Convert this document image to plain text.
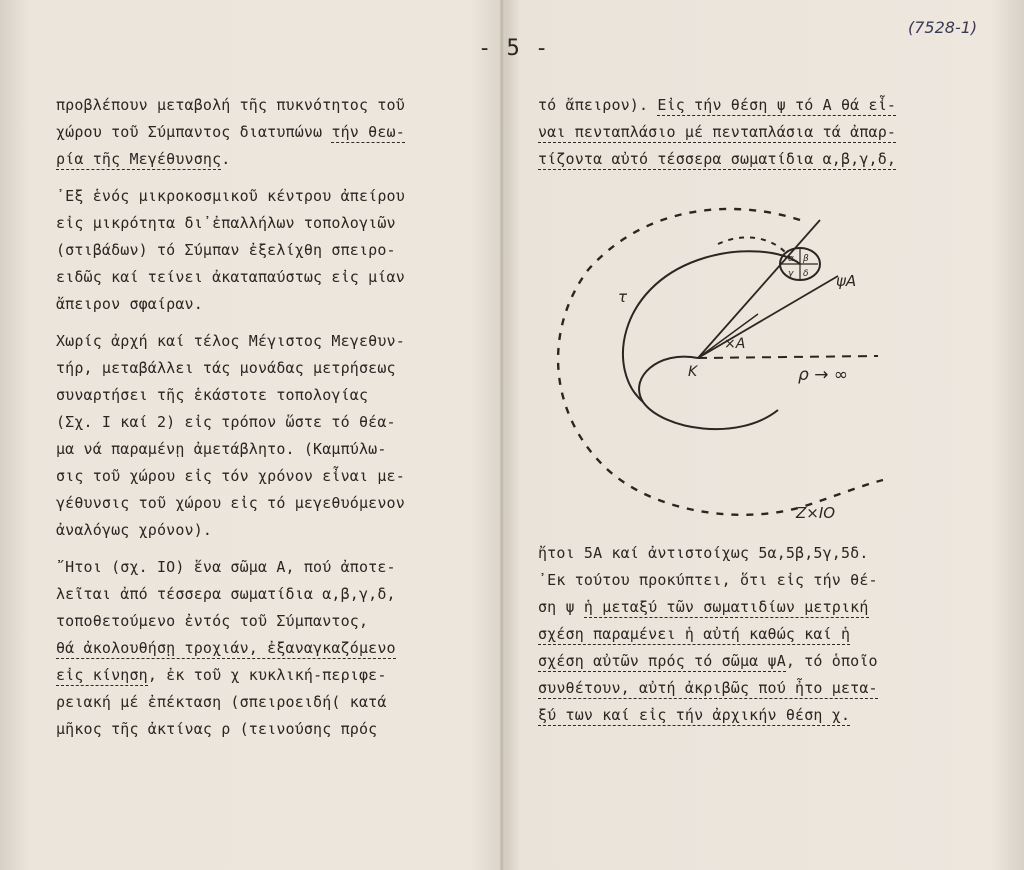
- 5 -
(7528-1)
προβλέπουν μεταβολή τῆς πυκνότητος τοῦ
χώρου τοῦ Σύμπαντος διατυπώνω τήν θεω-
ρία τῆς Μεγέθυνσης.
᾿Εξ ἑνός μικροκοσμικοῦ κέντρου ἀπείρου
εἰς μικρότητα δι᾿ἐπαλλήλων τοπολογιῶν
(στιβάδων) τό Σύμπαν ἐξελίχθη σπειρο-
ειδῶς καί τείνει ἀκαταπαύστως εἰς μίαν
ἄπειρον σφαίραν.
Χωρίς ἀρχή καί τέλος Μέγιστος Μεγεθυν-
τήρ, μεταβάλλει τάς μονάδας μετρήσεως
συναρτήσει τῆς ἑκάστοτε τοπολογίας
(Σχ. Ι καί 2) εἰς τρόπον ὥστε τό θέα-
μα νά παραμένῃ ἀμετάβλητο. (Καμπύλω-
σις τοῦ χώρου εἰς τόν χρόνον εἶναι με-
γέθυνσις τοῦ χώρου εἰς τό μεγεθυόμενον
ἀναλόγως χρόνον).
῎Ητοι (σχ. ΙΟ) ἕνα σῶμα Α, πού ἀποτε-
λεῖται ἀπό τέσσερα σωματίδια α,β,γ,δ,
τοποθετούμενο ἐντός τοῦ Σύμπαντος,
θά ἀκολουθήσῃ τροχιάν, ἐξαναγκαζόμενο
εἰς κίνηση, ἐκ τοῦ χ κυκλική-περιφε-
ρειακή μέ ἐπέκταση (σπειροειδή( κατά
μῆκος τῆς ἀκτίνας ρ (τεινούσης πρός
τό ἄπειρον). Εἰς τήν θέση ψ τό Α θά εἶ-
ναι πενταπλάσιο μέ πενταπλάσια τά ἀπαρ-
τίζοντα αὐτό τέσσερα σωματίδια α,β,γ,δ,
α β
γ δ
τ
ψΑ
×Α
Κ	ρ → ∞
Ζ×ΙΟ
ἤτοι 5Α καί ἀντιστοίχως 5α,5β,5γ,5δ.
᾿Εκ τούτου προκύπτει, ὅτι εἰς τήν θέ-
ση ψ ἡ μεταξύ τῶν σωματιδίων μετρική
σχέση παραμένει ἡ αὐτή καθώς καί ἡ
σχέση αὐτῶν πρός τό σῶμα ψΑ, τό ὁποῖο
συνθέτουν, αὐτή ἀκριβῶς πού ἦτο μετα-
ξύ των καί εἰς τήν ἀρχικήν θέση χ.
